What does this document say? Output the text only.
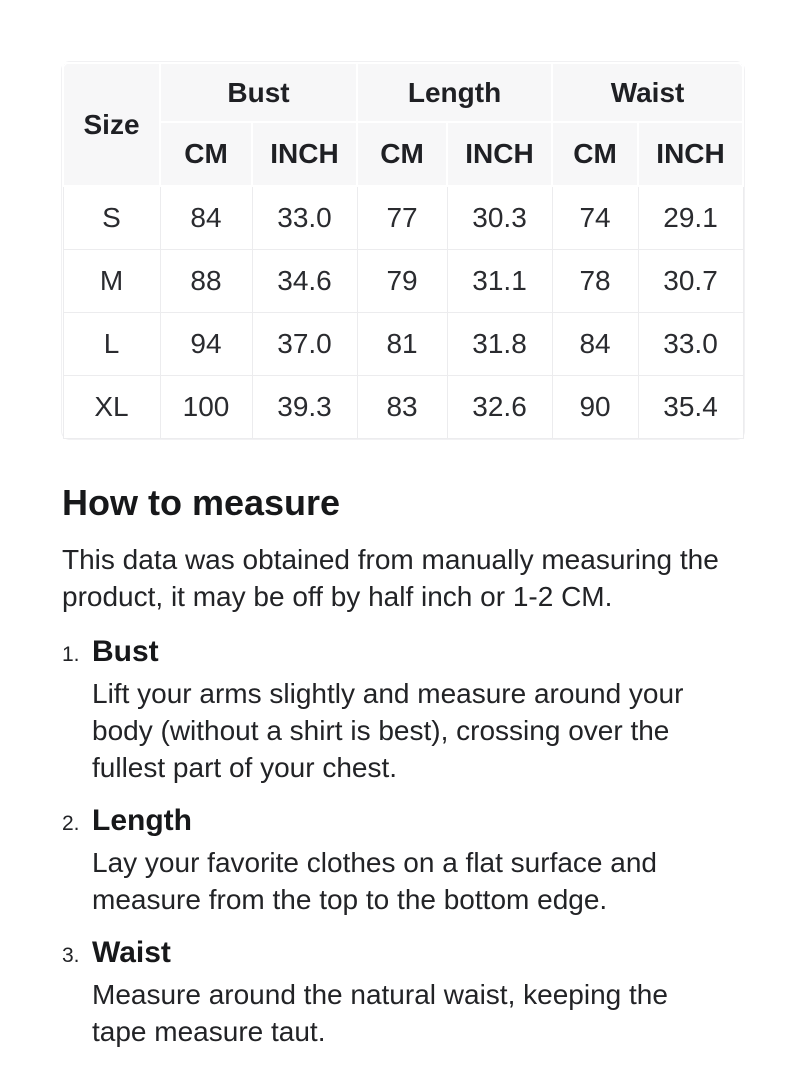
Size	Bust		Length		Waist	
	CM	INCH	CM	INCH	CM	INCH
S	84	33.0	77	30.3	74	29.1
M	88	34.6	79	31.1	78	30.7
L	94	37.0	81	31.8	84	33.0
XL	100	39.3	83	32.6	90	35.4
How to measure

This data was obtained from manually measuring the product, it may be off by half inch or 1-2 CM.

1. Bust
Lift your arms slightly and measure around your body (without a shirt is best), crossing over the fullest part of your chest.
2. Length
Lay your favorite clothes on a flat surface and measure from the top to the bottom edge.
3. Waist
Measure around the natural waist, keeping the tape measure taut.
